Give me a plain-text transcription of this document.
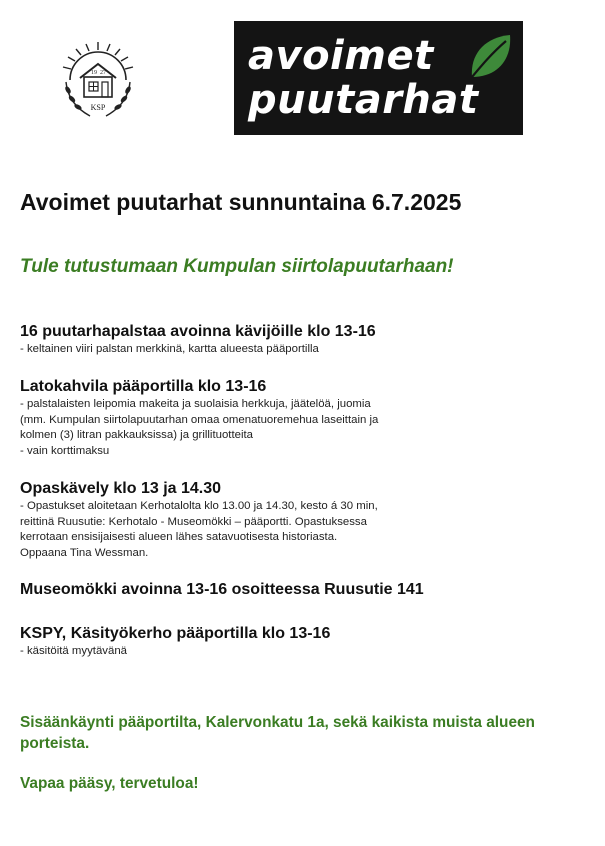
19 27
KSP
avoimet
puutarhat
Avoimet puutarhat sunnuntaina 6.7.2025
Tule tutustumaan Kumpulan siirtolapuutarhaan!
16 puutarhapalstaa avoinna kävijöille klo 13-16
- keltainen viiri palstan merkkinä, kartta alueesta pääportilla
Latokahvila pääportilla klo 13-16
- palstalaisten leipomia makeita ja suolaisia herkkuja, jäätelöä, juomia
(mm. Kumpulan siirtolapuutarhan omaa omenatuoremehua laseittain ja
kolmen (3) litran pakkauksissa) ja grillituotteita
- vain korttimaksu
Opaskävely klo 13 ja 14.30
- Opastukset aloitetaan Kerhotalolta klo 13.00 ja 14.30, kesto á 30 min,
reittinä Ruusutie: Kerhotalo - Museomökki – pääportti. Opastuksessa
kerrotaan ensisijaisesti alueen lähes satavuotisesta historiasta.
Oppaana Tina Wessman.
Museomökki avoinna 13-16 osoitteessa Ruusutie 141
KSPY, Käsityökerho pääportilla klo 13-16
- käsitöitä myytävänä
Sisäänkäynti pääportilta, Kalervonkatu 1a, sekä kaikista muista alueen porteista.
Vapaa pääsy, tervetuloa!
